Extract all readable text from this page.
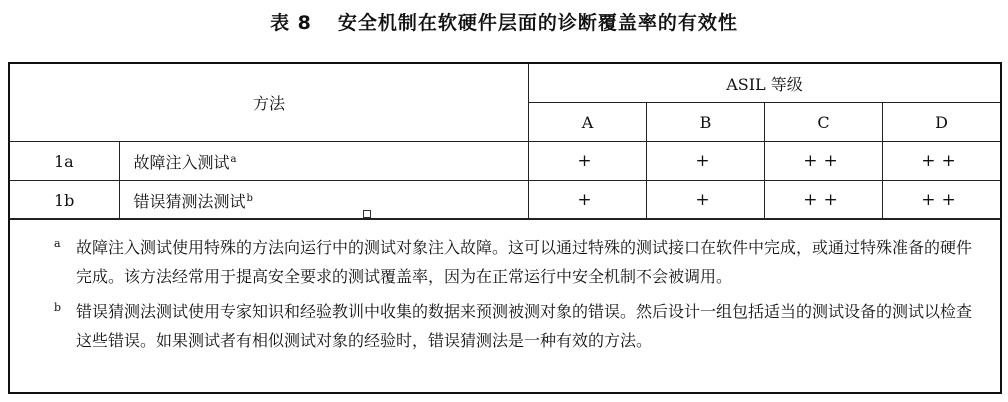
表 8 安全机制在软硬件层面的诊断覆盖率的有效性
方法		ASIL 等级			
		A	B	C	D
1a	故障注入测试$^a$	+	+	++	++
1b	错误猜测法测试$^b$	+	+	++	++
a 故障注入测试使用特殊的方法向运行中的测试对象注入故障。这可以通过特殊的测试接口在软件中完成，或通过特殊准备的硬件完成。该方法经常用于提高安全要求的测试覆盖率，因为在正常运行中安全机制不会被调用。
b 错误猜测法测试使用专家知识和经验教训中收集的数据来预测被测对象的错误。然后设计一组包括适当的测试设备的测试以检查这些错误。如果测试者有相似测试对象的经验时，错误猜测法是一种有效的方法。
